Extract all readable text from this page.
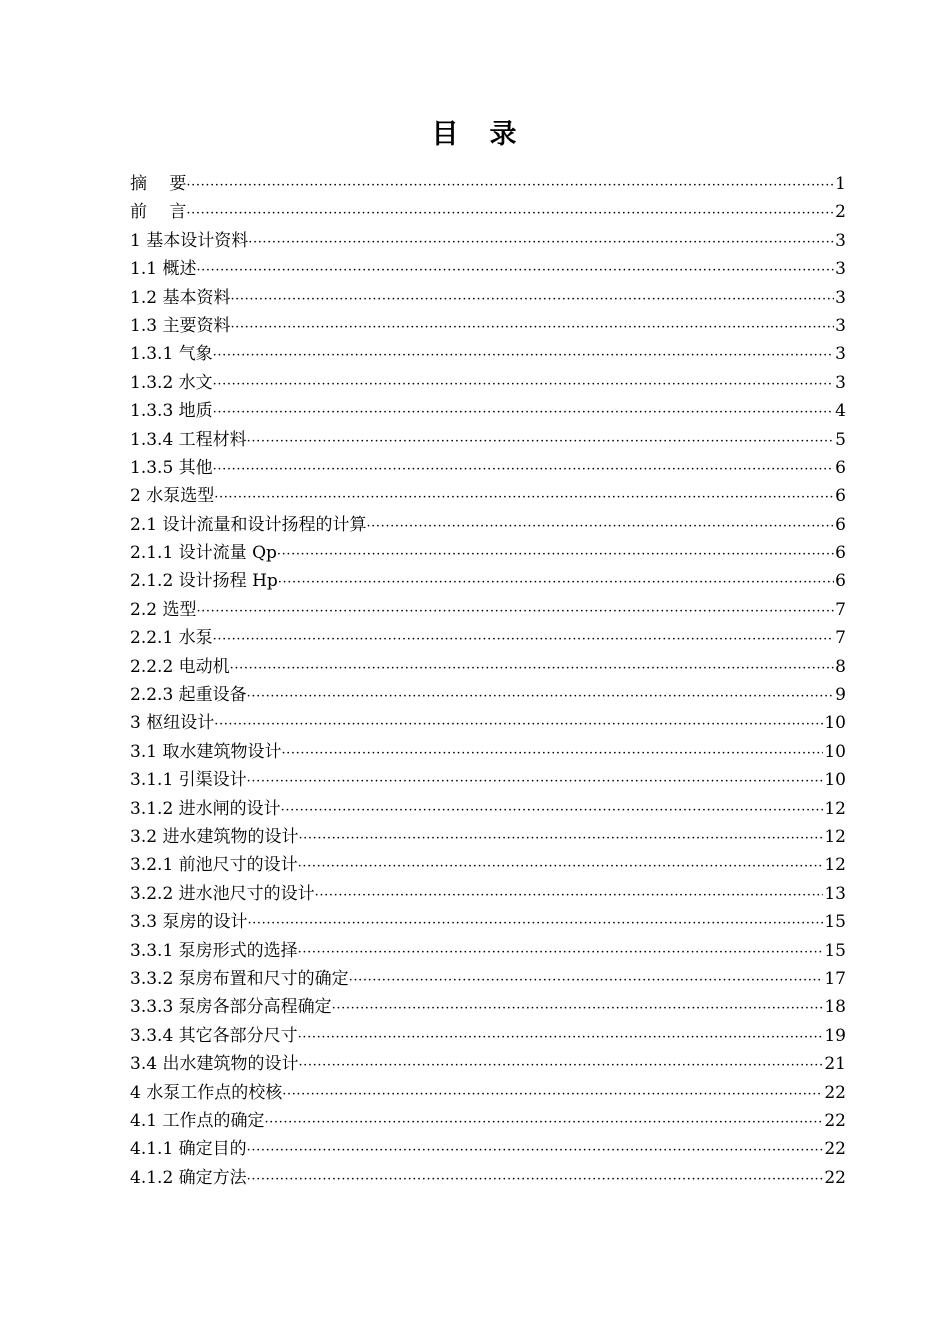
目　录
摘　 要 ·····	1
前　 言 ·····	2
1 基本设计资料 ·····	3
1.1 概述 ·····	3
1.2 基本资料 ·····	3
1.3 主要资料 ·····	3
1.3.1 气象 ·····	3
1.3.2 水文 ·····	3
1.3.3 地质 ·····	4
1.3.4 工程材料 ·····	5
1.3.5 其他 ·····	6
2 水泵选型 ·····	6
2.1 设计流量和设计扬程的计算 ·····	6
2.1.1 设计流量 Qp ·····	6
2.1.2 设计扬程 Hp ·····	6
2.2 选型 ·····	7
2.2.1 水泵 ·····	7
2.2.2 电动机 ·····	8
2.2.3 起重设备 ·····	9
3 枢纽设计 ·····	10
3.1 取水建筑物设计 ·····	10
3.1.1 引渠设计 ·····	10
3.1.2 进水闸的设计 ·····	12
3.2 进水建筑物的设计 ·····	12
3.2.1 前池尺寸的设计 ·····	12
3.2.2 进水池尺寸的设计 ·····	13
3.3 泵房的设计 ·····	15
3.3.1 泵房形式的选择 ·····	15
3.3.2 泵房布置和尺寸的确定 ·····	17
3.3.3 泵房各部分高程确定 ·····	18
3.3.4 其它各部分尺寸 ·····	19
3.4 出水建筑物的设计 ·····	21
4 水泵工作点的校核 ·····	22
4.1 工作点的确定 ·····	22
4.1.1 确定目的 ·····	22
4.1.2 确定方法 ·····	22
